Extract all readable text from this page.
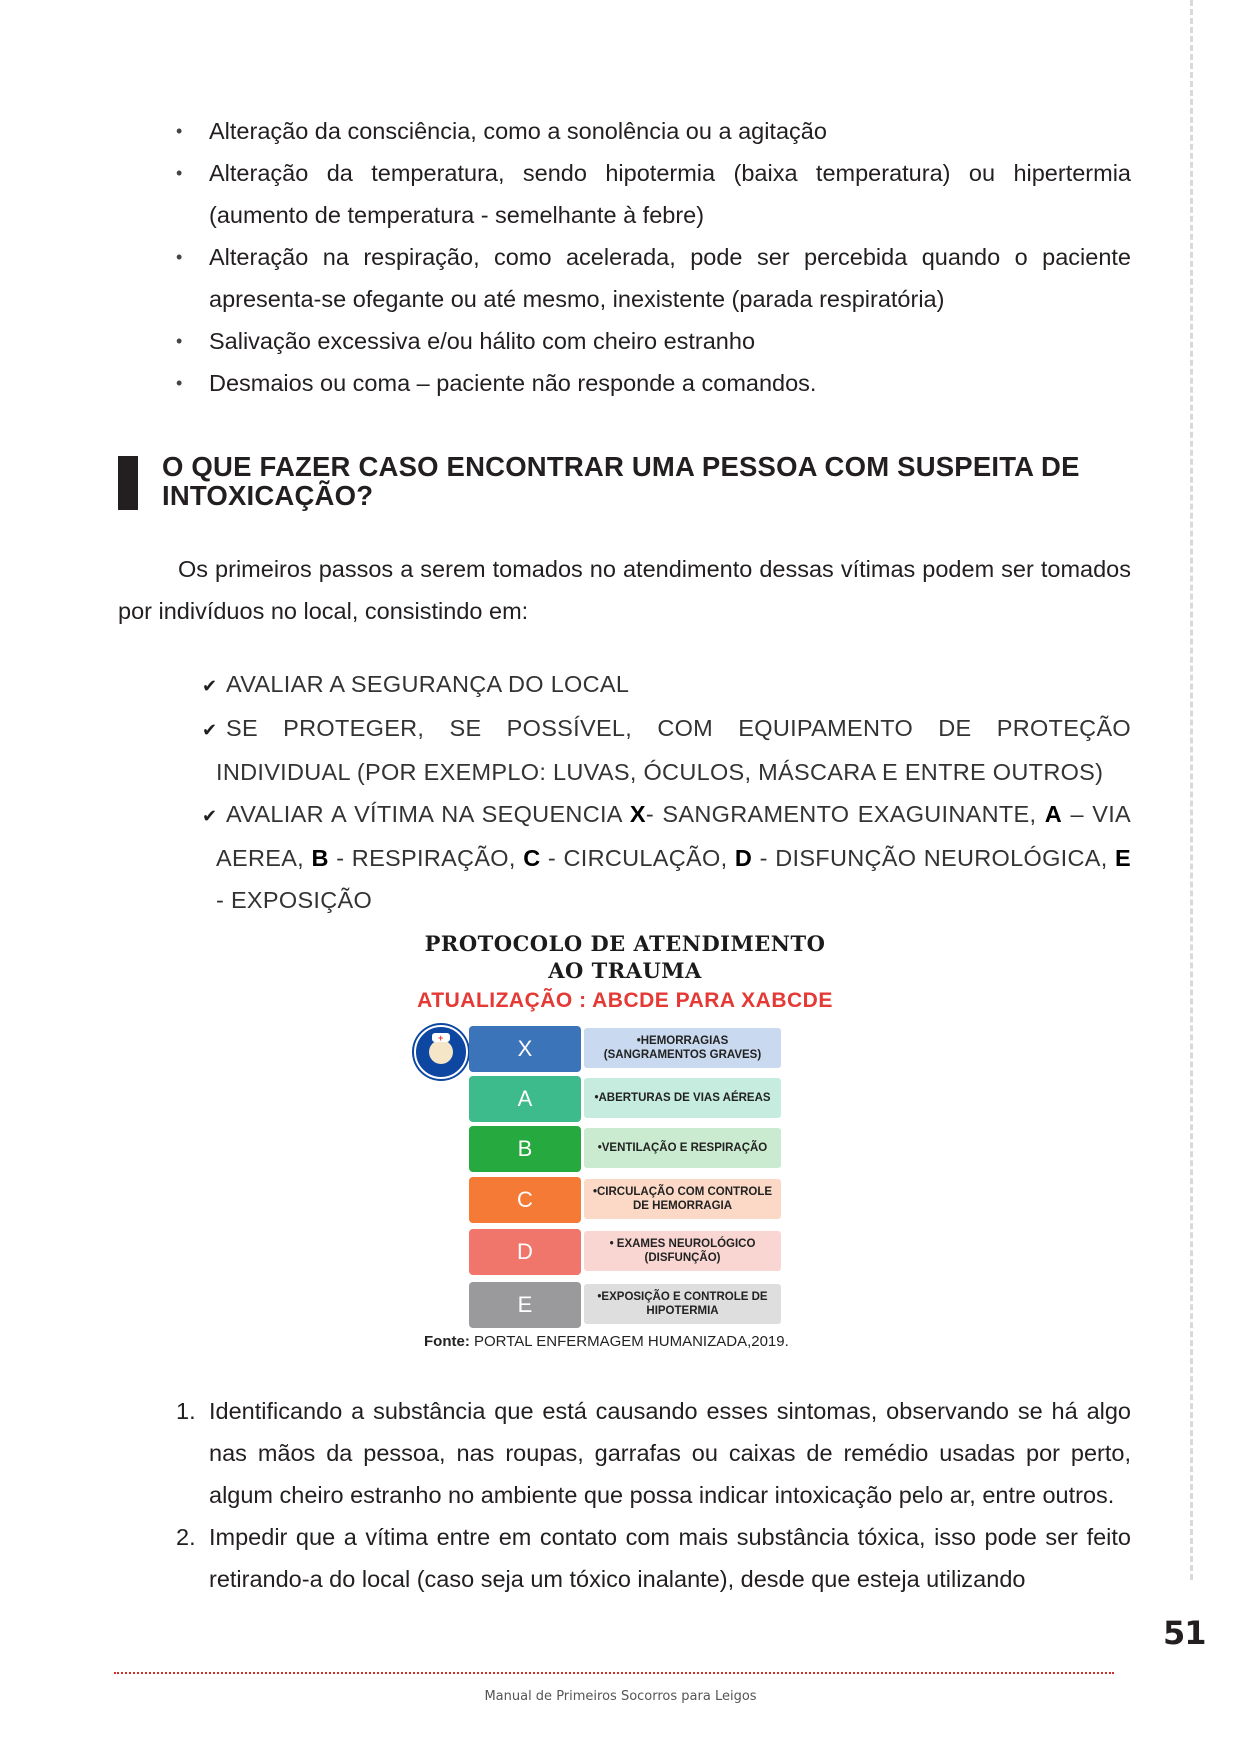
• Alteração da consciência, como a sonolência ou a agitação
• Alteração da temperatura, sendo hipotermia (baixa temperatura) ou hipertermia (aumento de temperatura - semelhante à febre)
• Alteração na respiração, como acelerada, pode ser percebida quando o paciente apresenta-se ofegante ou até mesmo, inexistente (parada respiratória)
• Salivação excessiva e/ou hálito com cheiro estranho
• Desmaios ou coma – paciente não responde a comandos.
O QUE FAZER CASO ENCONTRAR UMA PESSOA COM SUSPEITA DE INTOXICAÇÃO?

Os primeiros passos a serem tomados no atendimento dessas vítimas podem ser tomados por indivíduos no local, consistindo em:

✔ AVALIAR A SEGURANÇA DO LOCAL
✔ SE PROTEGER, SE POSSÍVEL, COM EQUIPAMENTO DE PROTEÇÃO INDIVIDUAL (POR EXEMPLO: LUVAS, ÓCULOS, MÁSCARA E ENTRE OUTROS)
✔ AVALIAR A VÍTIMA NA SEQUENCIA X- SANGRAMENTO EXAGUINANTE, A – VIA AEREA, B - RESPIRAÇÃO, C - CIRCULAÇÃO, D - DISFUNÇÃO NEUROLÓGICA, E - EXPOSIÇÃO
PROTOCOLO DE ATENDIMENTO
AO TRAUMA
ATUALIZAÇÃO : ABCDE PARA XABCDE
+	X	•HEMORRAGIAS (SANGRAMENTOS GRAVES)
A	•ABERTURAS DE VIAS AÉREAS
B	•VENTILAÇÃO E RESPIRAÇÃO
C	•CIRCULAÇÃO COM CONTROLE DE HEMORRAGIA
D	• EXAMES NEUROLÓGICO (DISFUNÇÃO)
E	•EXPOSIÇÃO E CONTROLE DE HIPOTERMIA
Fonte: PORTAL ENFERMAGEM HUMANIZADA,2019.
1. Identificando a substância que está causando esses sintomas, observando se há algo nas mãos da pessoa, nas roupas, garrafas ou caixas de remédio usadas por perto, algum cheiro estranho no ambiente que possa indicar intoxicação pelo ar, entre outros.
2. Impedir que a vítima entre em contato com mais substância tóxica, isso pode ser feito retirando-a do local (caso seja um tóxico inalante), desde que esteja utilizando
51
Manual de Primeiros Socorros para Leigos
